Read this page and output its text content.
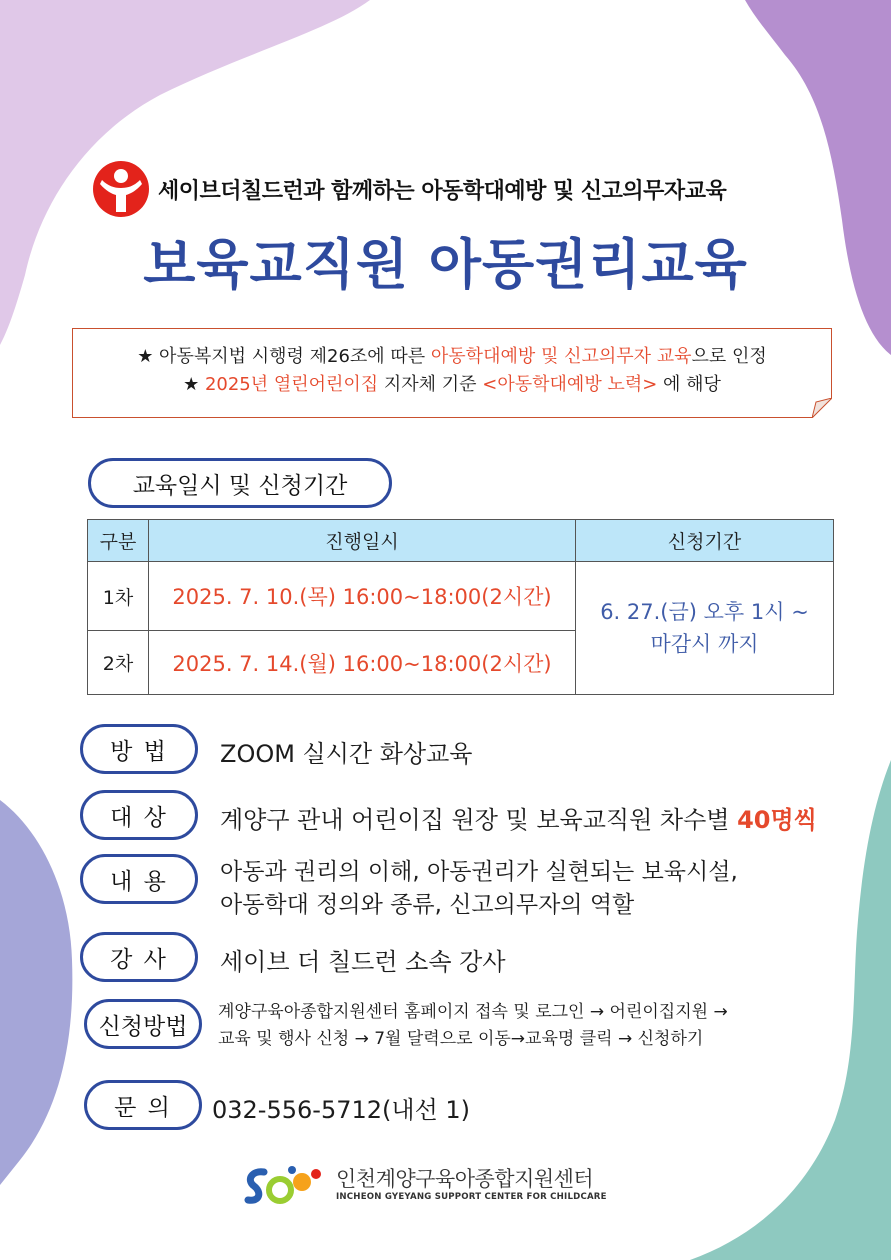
세이브더칠드런과 함께하는 아동학대예방 및 신고의무자교육
보육교직원 아동권리교육
★ 아동복지법 시행령 제26조에 따른 아동학대예방 및 신고의무자 교육으로 인정
★ 2025년 열린어린이집 지자체 기준 <아동학대예방 노력> 에 해당
교육일시 및 신청기간
구분	진행일시	신청기간
1차	2025. 7. 10.(목) 16:00~18:00(2시간)	6. 27.(금) 오후 1시 ~
마감시 까지
2차	2025. 7. 14.(월) 16:00~18:00(2시간)	
방 법	ZOOM 실시간 화상교육
대 상	계양구 관내 어린이집 원장 및 보육교직원 차수별 40명씩
내 용	아동과 권리의 이해, 아동권리가 실현되는 보육시설,
아동학대 정의와 종류, 신고의무자의 역할
강 사	세이브 더 칠드런 소속 강사
신청방법
계양구육아종합지원센터 홈페이지 접속 및 로그인 → 어린이집지원 →
교육 및 행사 신청 → 7월 달력으로 이동→교육명 클릭 → 신청하기
문 의	032-556-5712(내선 1)
인천계양구육아종합지원센터
INCHEON GYEYANG SUPPORT CENTER FOR CHILDCARE
